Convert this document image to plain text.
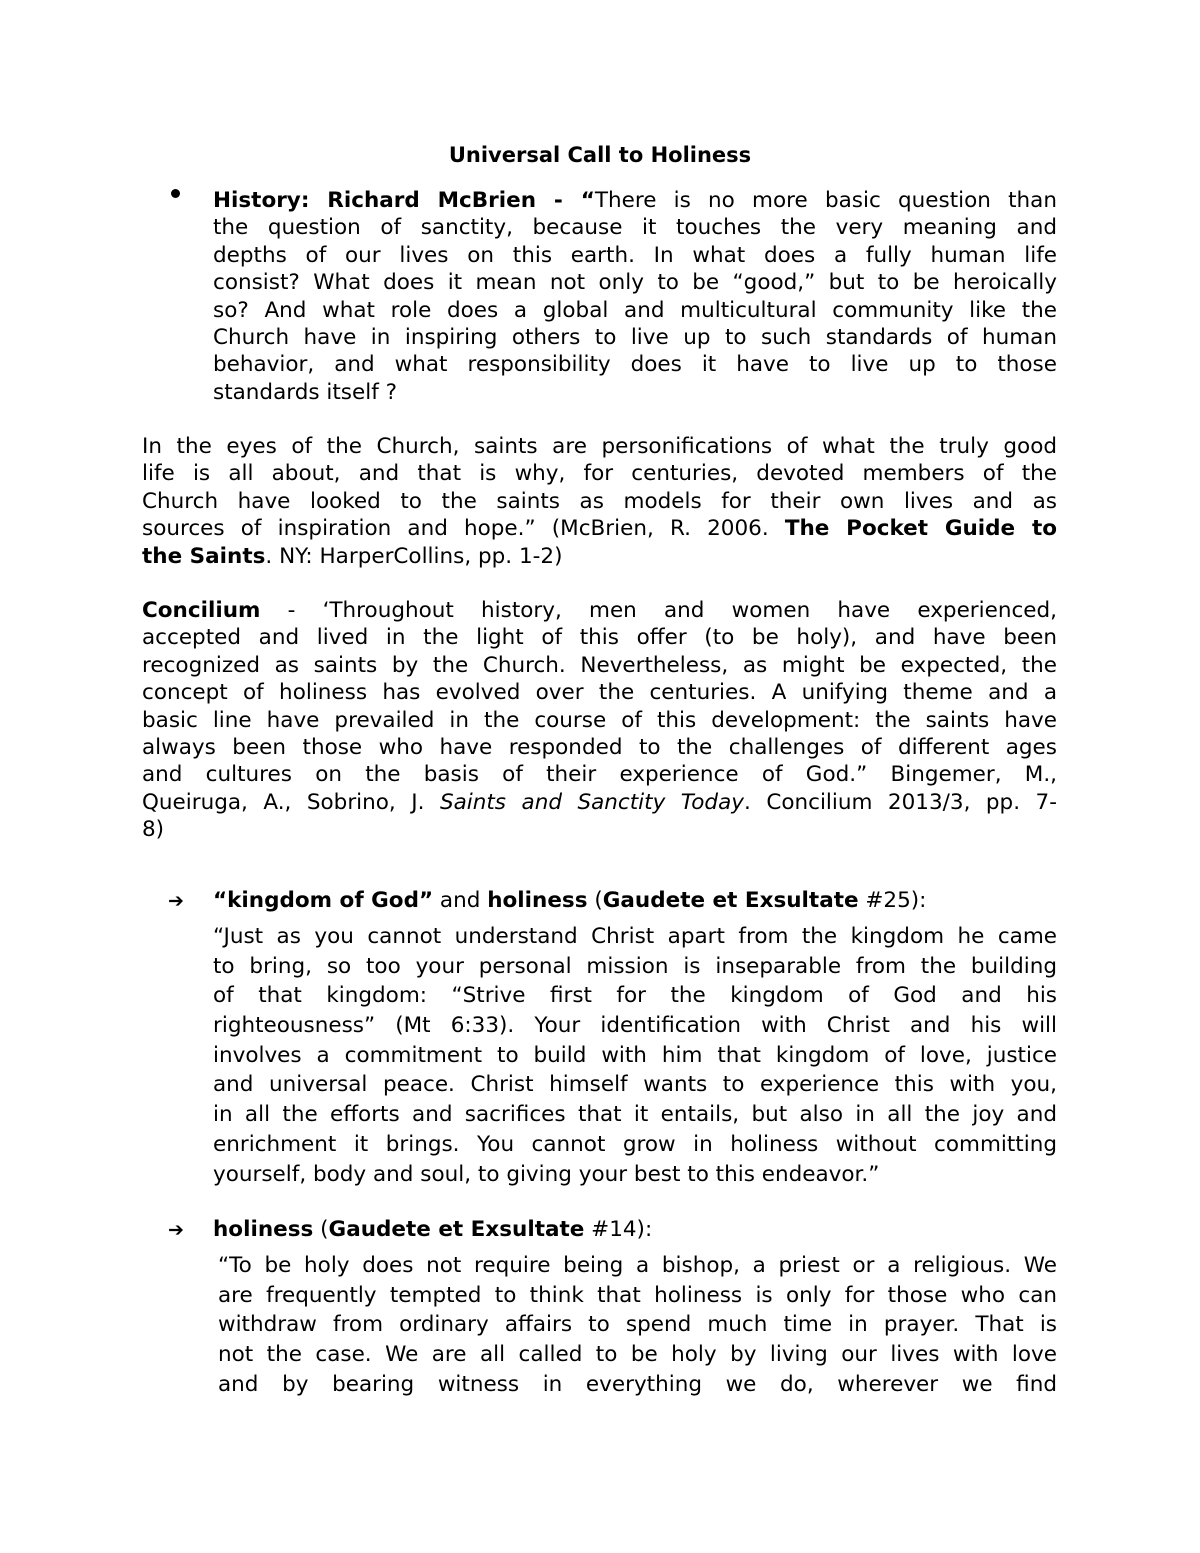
Universal Call to Holiness
History: Richard McBrien - “There is no more basic question than
the question of sanctity, because it touches the very meaning and
depths of our lives on this earth. In what does a fully human life
consist? What does it mean not only to be “good,” but to be heroically
so? And what role does a global and multicultural community like the
Church have in inspiring others to live up to such standards of human
behavior, and what responsibility does it have to live up to those
standards itself ?
In the eyes of the Church, saints are personifications of what the truly good
life is all about, and that is why, for centuries, devoted members of the
Church have looked to the saints as models for their own lives and as
sources of inspiration and hope.” (McBrien, R. 2006. The Pocket Guide to
the Saints. NY: HarperCollins, pp. 1-2)
Concilium - ‘Throughout history, men and women have experienced,
accepted and lived in the light of this offer (to be holy), and have been
recognized as saints by the Church. Nevertheless, as might be expected, the
concept of holiness has evolved over the centuries. A unifying theme and a
basic line have prevailed in the course of this development: the saints have
always been those who have responded to the challenges of different ages
and cultures on the basis of their experience of God.” Bingemer, M.,
Queiruga, A., Sobrino, J. Saints and Sanctity Today. Concilium 2013/3, pp. 7-
8)
➔ “kingdom of God” and holiness (Gaudete et Exsultate #25):
“Just as you cannot understand Christ apart from the kingdom he came
to bring, so too your personal mission is inseparable from the building
of that kingdom: “Strive first for the kingdom of God and his
righteousness” (Mt 6:33). Your identification with Christ and his will
involves a commitment to build with him that kingdom of love, justice
and universal peace. Christ himself wants to experience this with you,
in all the efforts and sacrifices that it entails, but also in all the joy and
enrichment it brings. You cannot grow in holiness without committing
yourself, body and soul, to giving your best to this endeavor.”
➔ holiness (Gaudete et Exsultate #14):
“To be holy does not require being a bishop, a priest or a religious. We
are frequently tempted to think that holiness is only for those who can
withdraw from ordinary affairs to spend much time in prayer. That is
not the case. We are all called to be holy by living our lives with love
and by bearing witness in everything we do, wherever we find
